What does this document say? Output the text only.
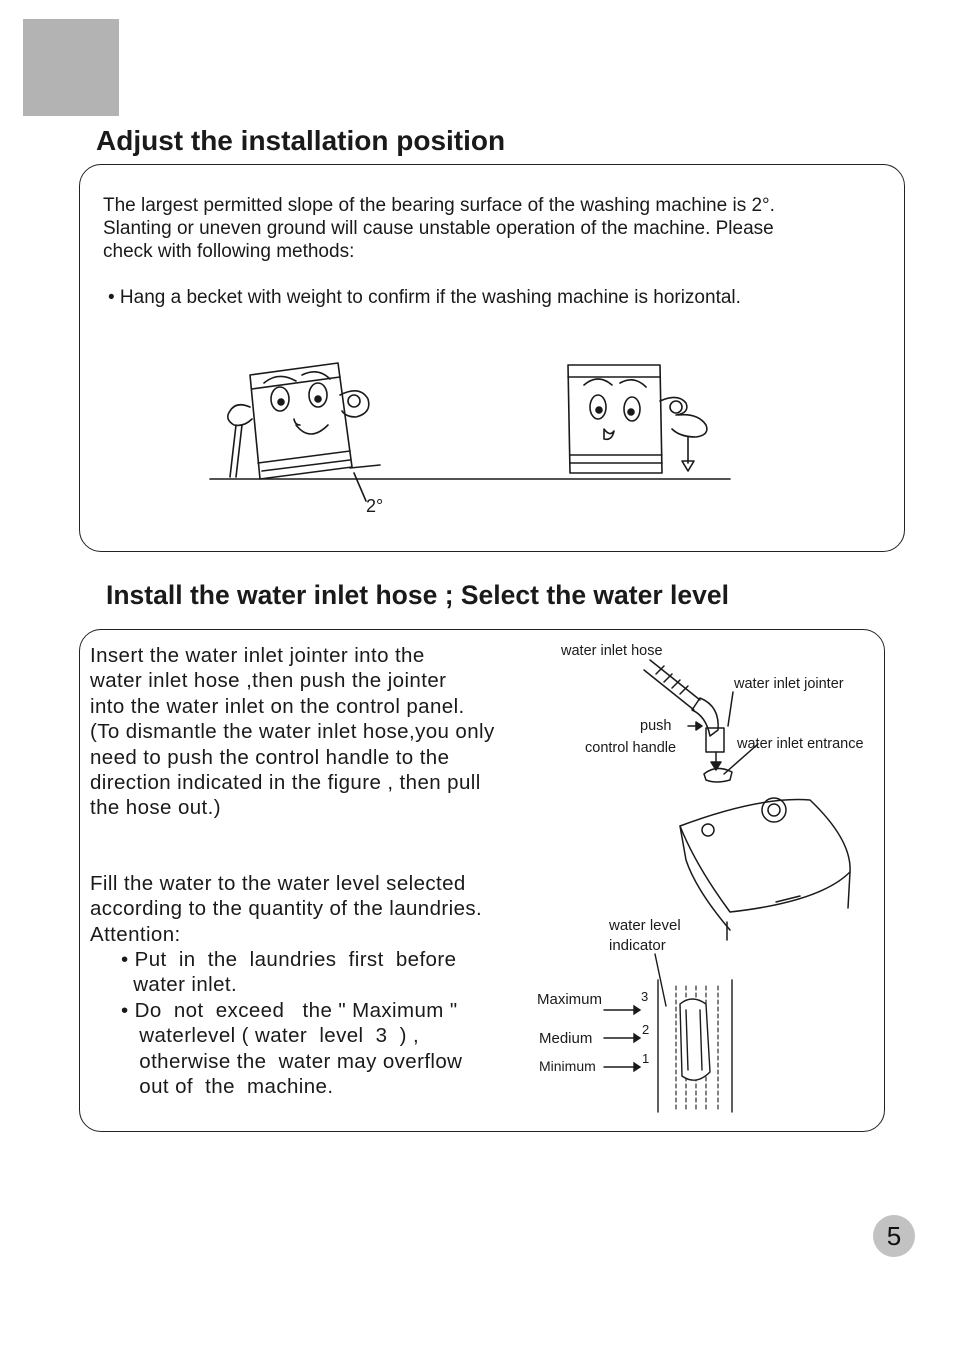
Adjust the installation position
The largest permitted slope of the bearing surface of the washing machine is 2°.
Slanting or uneven ground will cause unstable operation of the machine. Please
check with following methods:
• Hang a becket with weight to confirm if the washing machine is horizontal.
2°
Install the water inlet hose ; Select the water level
Insert the water inlet jointer into the
water inlet hose ,then push the jointer
into the water inlet on the control panel.
(To dismantle the water inlet hose,you only
need to push the control handle to the
direction indicated in the figure , then pull
the hose out.)
Fill the water to the water level selected
according to the quantity of the laundries.
Attention:
• Put  in  the  laundries  first  before
water inlet.
• Do  not  exceed   the " Maximum "
waterlevel ( water  level  3  ) ,
otherwise the  water may overflow
out of  the  machine.
water inlet hose
water inlet jointer
push
control handle	water inlet entrance
water level
indicator
Maximum
Medium
Minimum
3
2
1
5
